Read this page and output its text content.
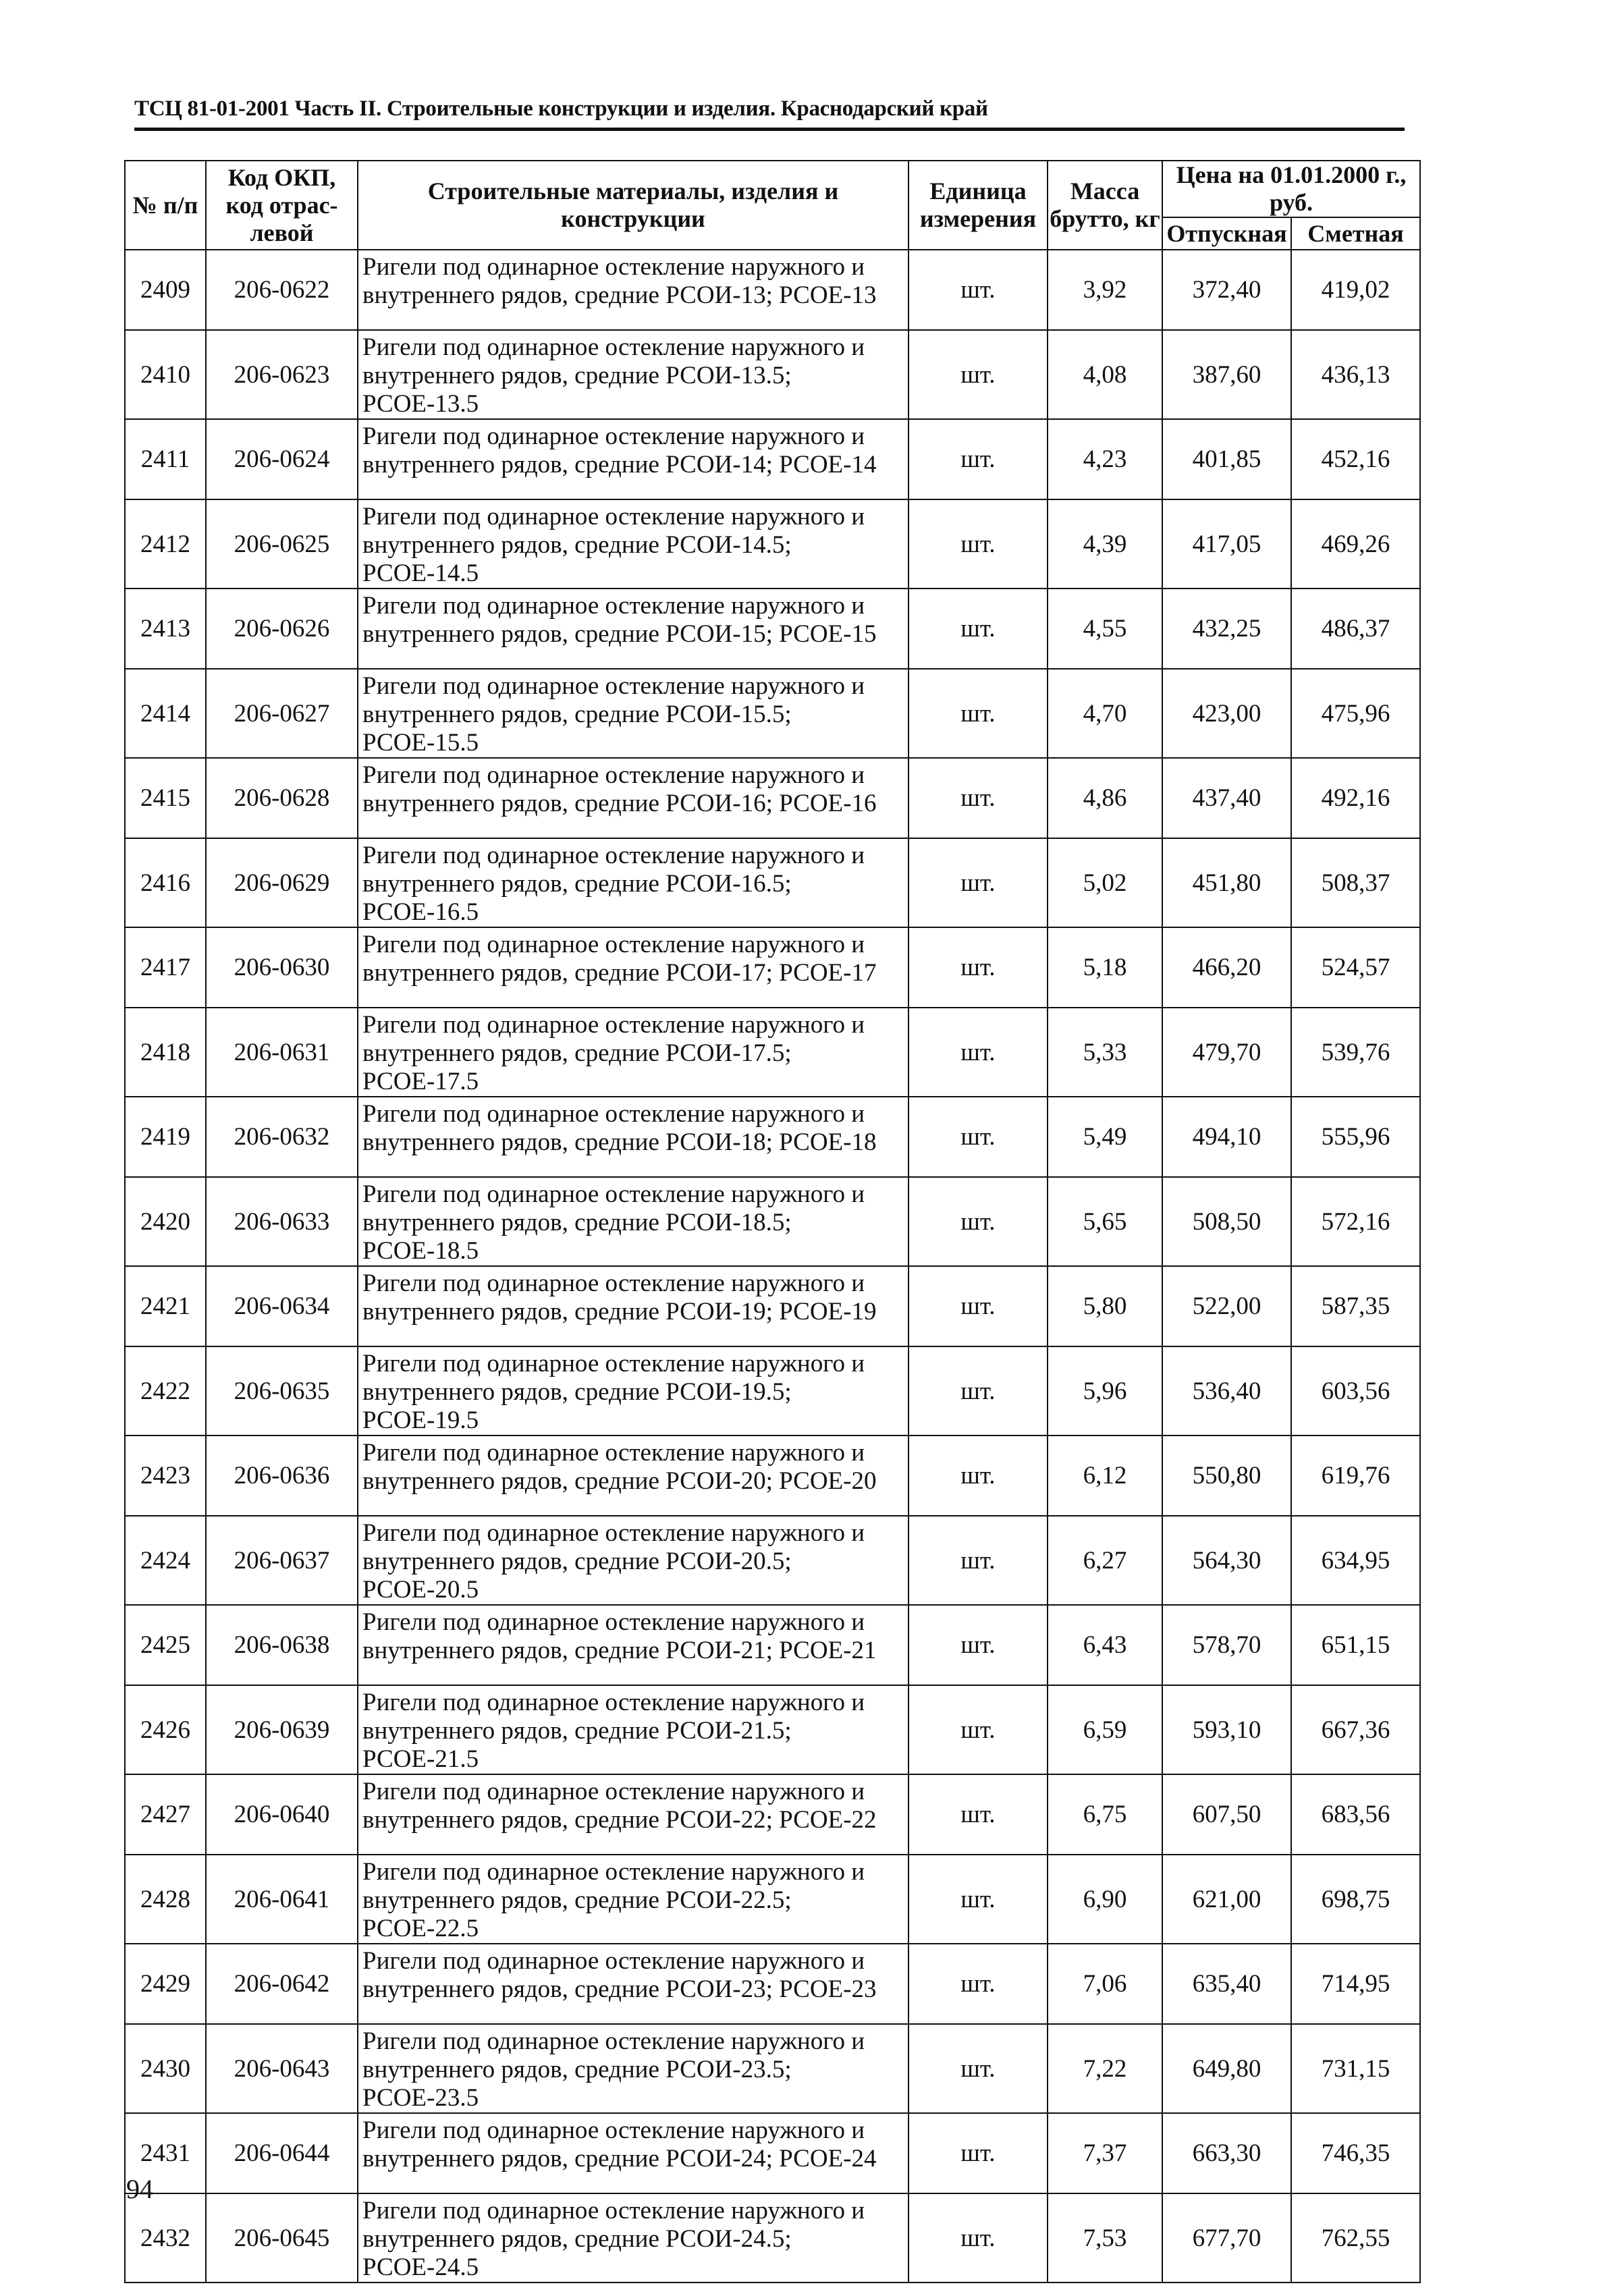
ТСЦ 81-01-2001 Часть II. Строительные конструкции и изделия. Краснодарский край
№ п/п	Код ОКП, код отрас-левой	Строительные материалы, изделия и конструкции	Единица измерения	Масса брутто, кг	Цена на 01.01.2000 г., руб.	
					Отпускная	Сметная
2409	206-0622	Ригели под одинарное остекление наружного и внутреннего рядов, средние РСОИ-13; РСОЕ-13	шт.	3,92	372,40	419,02
2410	206-0623	Ригели под одинарное остекление наружного и внутреннего рядов, средние РСОИ-13.5; РСОЕ-13.5	шт.	4,08	387,60	436,13
2411	206-0624	Ригели под одинарное остекление наружного и внутреннего рядов, средние РСОИ-14; РСОЕ-14	шт.	4,23	401,85	452,16
2412	206-0625	Ригели под одинарное остекление наружного и внутреннего рядов, средние РСОИ-14.5; РСОЕ-14.5	шт.	4,39	417,05	469,26
2413	206-0626	Ригели под одинарное остекление наружного и внутреннего рядов, средние РСОИ-15; РСОЕ-15	шт.	4,55	432,25	486,37
2414	206-0627	Ригели под одинарное остекление наружного и внутреннего рядов, средние РСОИ-15.5; РСОЕ-15.5	шт.	4,70	423,00	475,96
2415	206-0628	Ригели под одинарное остекление наружного и внутреннего рядов, средние РСОИ-16; РСОЕ-16	шт.	4,86	437,40	492,16
2416	206-0629	Ригели под одинарное остекление наружного и внутреннего рядов, средние РСОИ-16.5; РСОЕ-16.5	шт.	5,02	451,80	508,37
2417	206-0630	Ригели под одинарное остекление наружного и внутреннего рядов, средние РСОИ-17; РСОЕ-17	шт.	5,18	466,20	524,57
2418	206-0631	Ригели под одинарное остекление наружного и внутреннего рядов, средние РСОИ-17.5; РСОЕ-17.5	шт.	5,33	479,70	539,76
2419	206-0632	Ригели под одинарное остекление наружного и внутреннего рядов, средние РСОИ-18; РСОЕ-18	шт.	5,49	494,10	555,96
2420	206-0633	Ригели под одинарное остекление наружного и внутреннего рядов, средние РСОИ-18.5; РСОЕ-18.5	шт.	5,65	508,50	572,16
2421	206-0634	Ригели под одинарное остекление наружного и внутреннего рядов, средние РСОИ-19; РСОЕ-19	шт.	5,80	522,00	587,35
2422	206-0635	Ригели под одинарное остекление наружного и внутреннего рядов, средние РСОИ-19.5; РСОЕ-19.5	шт.	5,96	536,40	603,56
2423	206-0636	Ригели под одинарное остекление наружного и внутреннего рядов, средние РСОИ-20; РСОЕ-20	шт.	6,12	550,80	619,76
2424	206-0637	Ригели под одинарное остекление наружного и внутреннего рядов, средние РСОИ-20.5; РСОЕ-20.5	шт.	6,27	564,30	634,95
2425	206-0638	Ригели под одинарное остекление наружного и внутреннего рядов, средние РСОИ-21; РСОЕ-21	шт.	6,43	578,70	651,15
2426	206-0639	Ригели под одинарное остекление наружного и внутреннего рядов, средние РСОИ-21.5; РСОЕ-21.5	шт.	6,59	593,10	667,36
2427	206-0640	Ригели под одинарное остекление наружного и внутреннего рядов, средние РСОИ-22; РСОЕ-22	шт.	6,75	607,50	683,56
2428	206-0641	Ригели под одинарное остекление наружного и внутреннего рядов, средние РСОИ-22.5; РСОЕ-22.5	шт.	6,90	621,00	698,75
2429	206-0642	Ригели под одинарное остекление наружного и внутреннего рядов, средние РСОИ-23; РСОЕ-23	шт.	7,06	635,40	714,95
2430	206-0643	Ригели под одинарное остекление наружного и внутреннего рядов, средние РСОИ-23.5; РСОЕ-23.5	шт.	7,22	649,80	731,15
2431	206-0644	Ригели под одинарное остекление наружного и внутреннего рядов, средние РСОИ-24; РСОЕ-24	шт.	7,37	663,30	746,35
2432	206-0645	Ригели под одинарное остекление наружного и внутреннего рядов, средние РСОИ-24.5; РСОЕ-24.5	шт.	7,53	677,70	762,55
94
